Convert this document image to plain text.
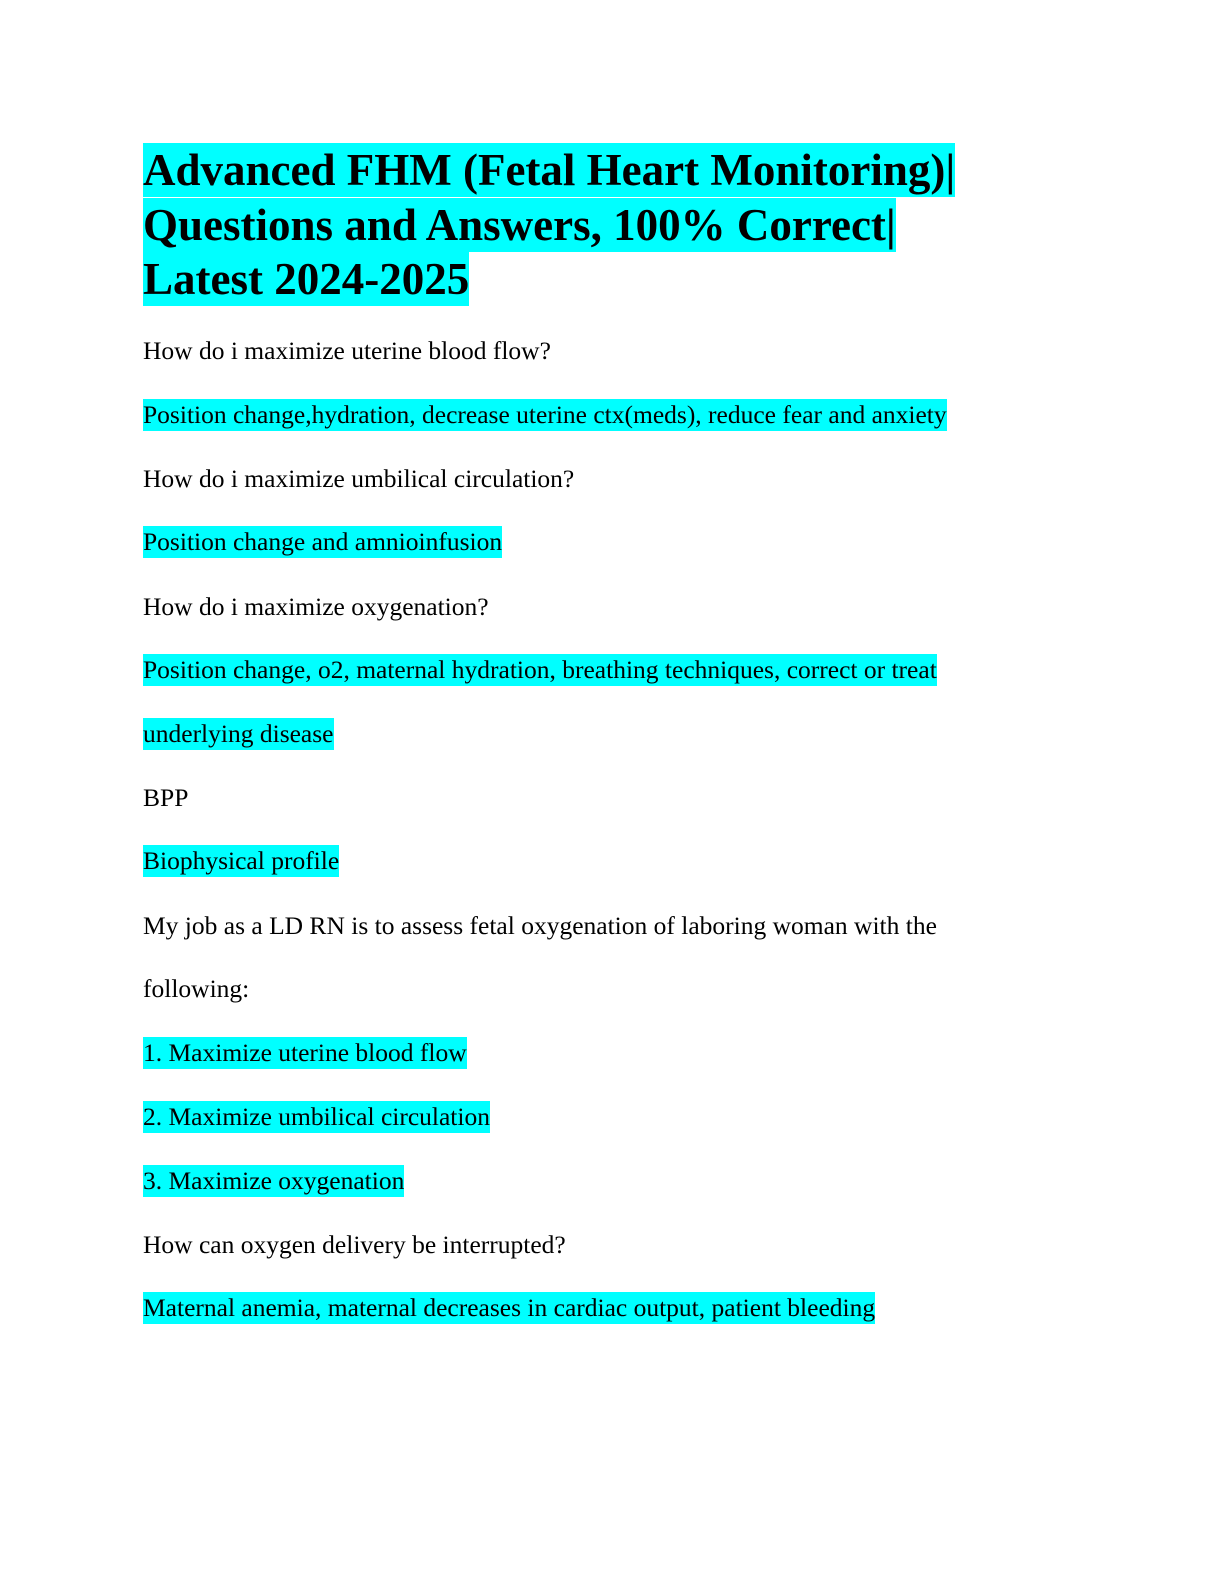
Advanced FHM (Fetal Heart Monitoring)|
Questions and Answers, 100% Correct|
Latest 2024-2025
How do i maximize uterine blood flow?
Position change,hydration, decrease uterine ctx(meds), reduce fear and anxiety
How do i maximize umbilical circulation?
Position change and amnioinfusion
How do i maximize oxygenation?
Position change, o2, maternal hydration, breathing techniques, correct or treat
underlying disease
BPP
Biophysical profile
My job as a LD RN is to assess fetal oxygenation of laboring woman with the
following:
1. Maximize uterine blood flow
2. Maximize umbilical circulation
3. Maximize oxygenation
How can oxygen delivery be interrupted?
Maternal anemia, maternal decreases in cardiac output, patient bleeding
